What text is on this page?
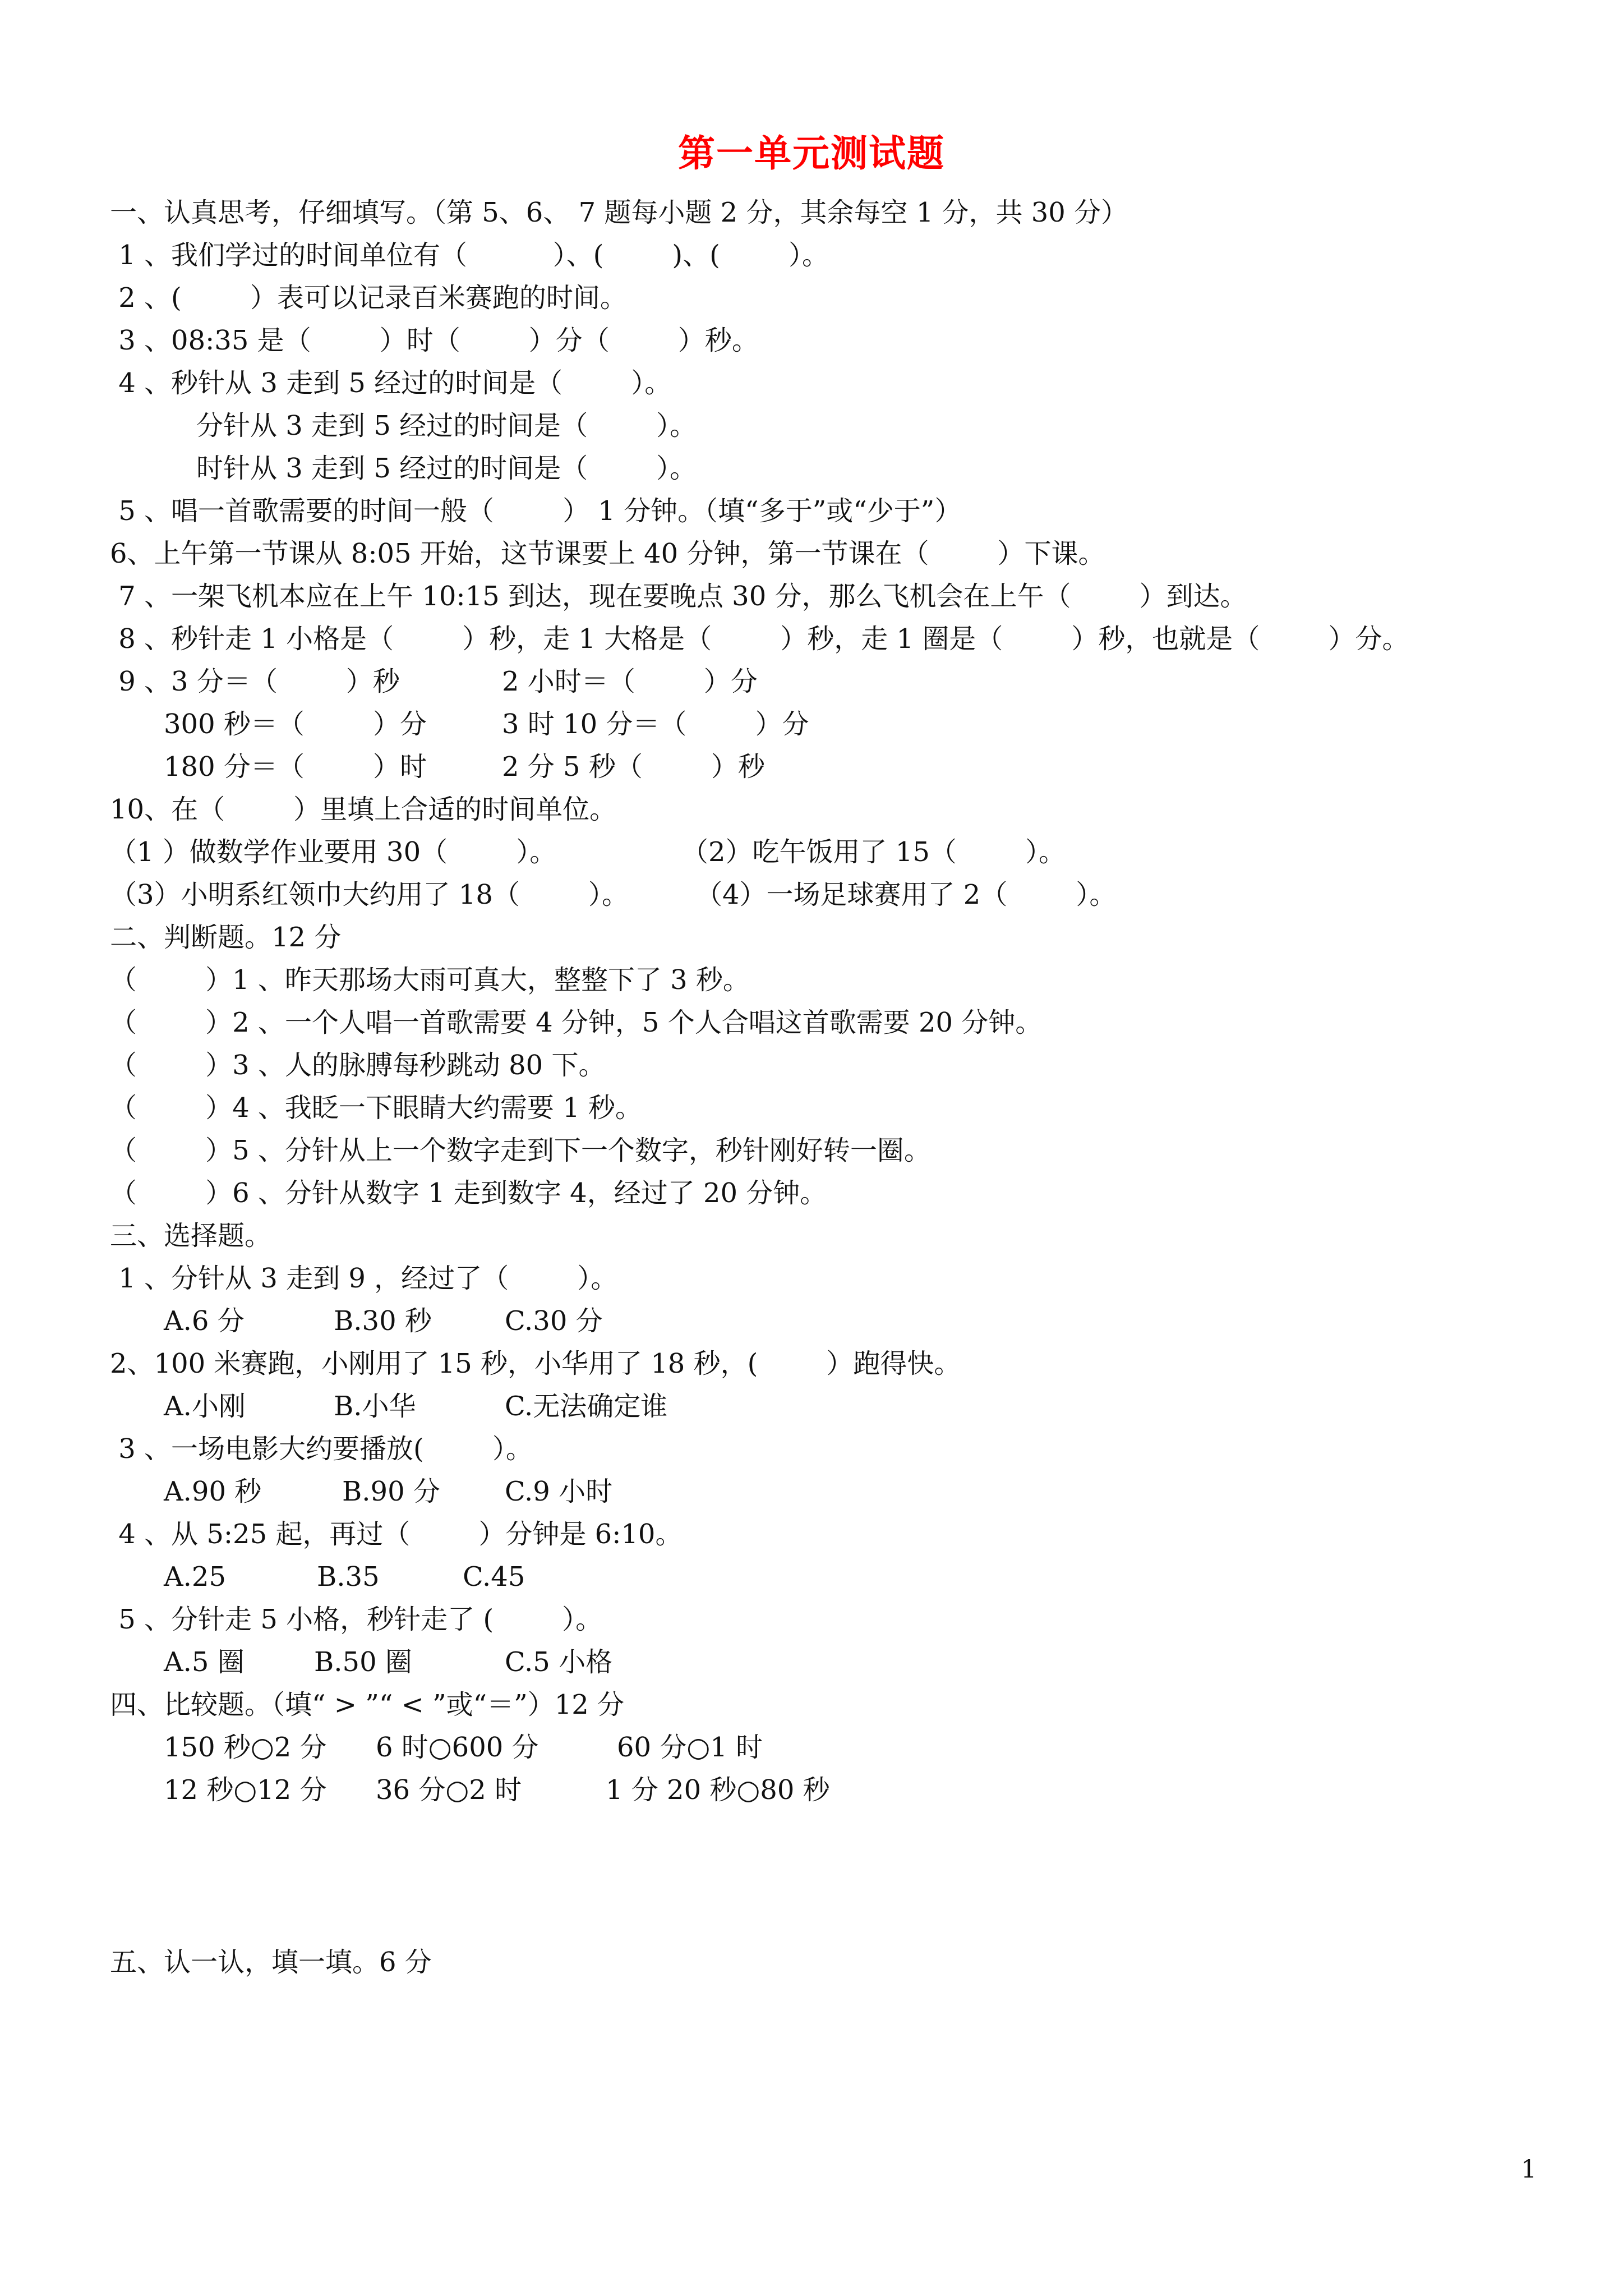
第一单元测试题
一、认真思考，仔细填写。（第 5、6、 7 题每小题 2 分，其余每空 1 分，共 30 分）
1 、我们学过的时间单位有（          ）、(        )、(        ）。
2 、(        ）表可以记录百米赛跑的时间。
3 、08:35 是（        ）时（        ）分（        ）秒。
4 、秒针从 3 走到 5 经过的时间是（        ）。
分针从 3 走到 5 经过的时间是（        ）。
时针从 3 走到 5 经过的时间是（        ）。
5 、唱一首歌需要的时间一般（        ） 1 分钟。（填“多于”或“少于”）
6、上午第一节课从 8:05 开始，这节课要上 40 分钟，第一节课在（        ）下课。
7 、一架飞机本应在上午 10:15 到达，现在要晚点 30 分，那么飞机会在上午（        ）到达。
8 、秒针走 1 小格是（        ）秒，走 1 大格是（        ）秒，走 1 圈是（        ）秒，也就是（        ）分。
9 、3 分＝（        ）秒	2 小时＝（        ）分
300 秒＝（        ）分	3 时 10 分＝（        ）分
180 分＝（        ）时	2 分 5 秒（        ）秒
10、在（        ）里填上合适的时间单位。
（1 ）做数学作业要用 30（        ）。	（2）吃午饭用了 15（        ）。
（3）小明系红领巾大约用了 18（        ）。 （4）一场足球赛用了 2（        ）。
二、判断题。12 分
（        ）1 、昨天那场大雨可真大，整整下了 3 秒。
（        ）2 、一个人唱一首歌需要 4 分钟，5 个人合唱这首歌需要 20 分钟。
（        ）3 、人的脉膊每秒跳动 80 下。
（        ）4 、我眨一下眼睛大约需要 1 秒。
（        ）5 、分针从上一个数字走到下一个数字，秒针刚好转一圈。
（        ）6 、分针从数字 1 走到数字 4，经过了 20 分钟。
三、选择题。
1 、分针从 3 走到 9 ，经过了（        ）。
A.6 分	B.30 秒	C.30 分
2、100 米赛跑，小刚用了 15 秒，小华用了 18 秒，(        ）跑得快。
A.小刚	B.小华	C.无法确定谁
3 、一场电影大约要播放(        ）。
A.90 秒	B.90 分 C.9 小时
4 、从 5:25 起，再过（        ）分钟是 6:10。
A.25	B.35	C.45
5 、分针走 5 小格，秒针走了 (        ）。
A.5 圈	B.50 圈	C.5 小格
四、比较题。（填“ > ”“ < ”或“＝”）12 分
150 秒○2 分 6 时○600 分	60 分○1 时
12 秒○12 分 36 分○2 时	1 分 20 秒○80 秒
五、认一认，填一填。6 分
1
